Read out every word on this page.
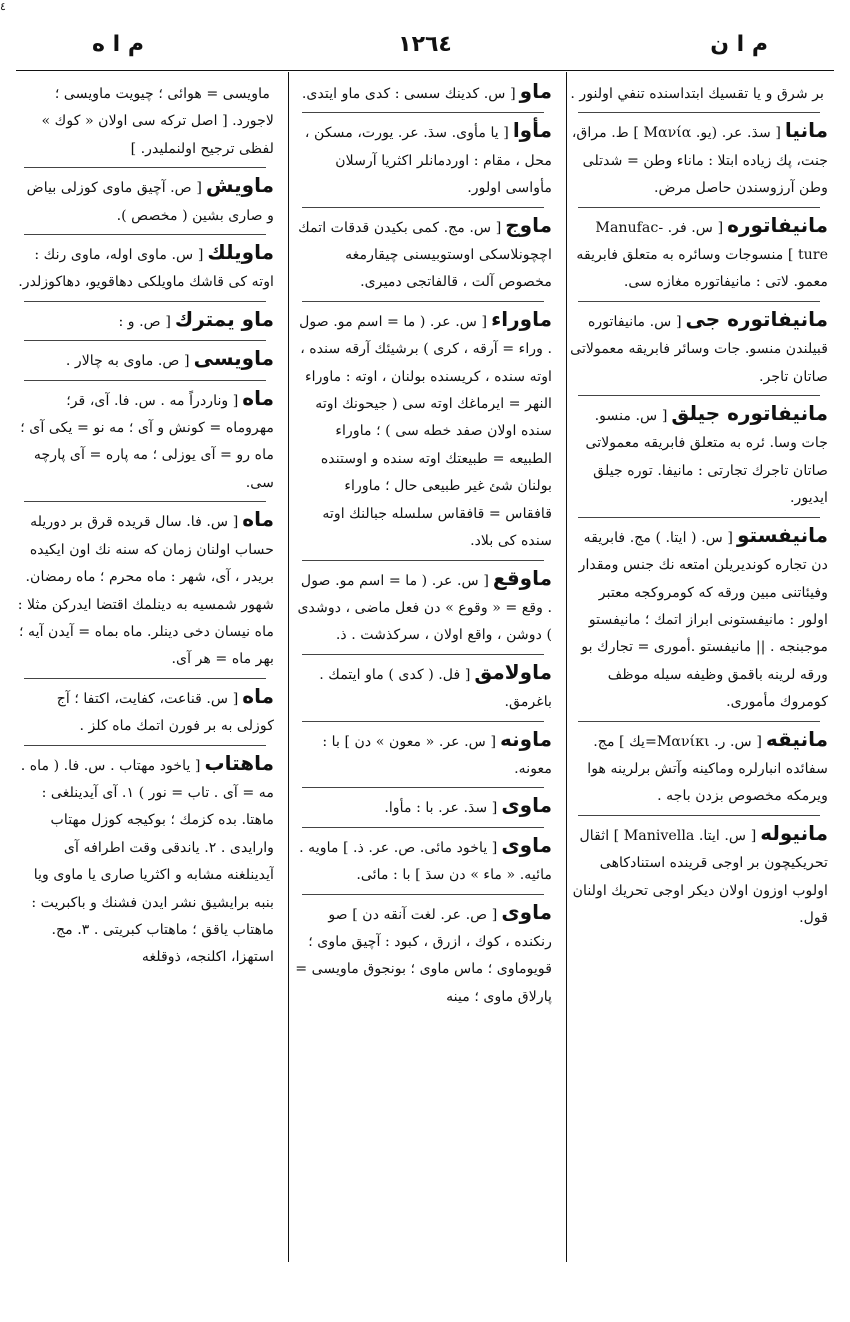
٤
م ا ه	١٢٦٤	م ا ن
بر شرق و يا تقسيك ابتداسنده تنفي اولنور .
مانيا[ سڌ. عر. (يو. Μανία ] ط. مراق، جنت، پك زياده ابتلا : ماناء وطن = شدتلی وطن آرزوسندن حاصل مرض.
مانيفاتوره[ س. فر. Manufac-ture ] منسوجات وسائره به متعلق فابريقه معمو. لاتی : مانيفاتوره مغازه سی.
مانيفاتوره جی[ س. مانيفاتوره قبيلندن منسو. جات وسائر فابريقه معمولاتی صاتان تاجر.
مانيفاتوره جيلق[ س. منسو. جات وسا. ئره به متعلق فابريقه معمولاتی صاتان تاجرك تجارتی : مانيفا. توره جيلق ايديور.
مانيفستو[ س. ( ايتا. ) مج. فابريقه دن تجاره كونديريلن امتعه نك جنس ومقدار وفيئاتنی مبين ورقه كه كومروكجه معتبر اولور : مانيفستونی ابراز اتمك ؛ مانيفستو موجبنجه . || مانيفستو .أموری = تجارك بو ورقه لرينه باقمق وظيفه سيله موظف كومروك مأموری.
مانيقه[ س. ر. Μανίκι=يك ] مج. سفائده انبارلره وماكينه وآتش برلرينه هوا ويرمكه مخصوص بزدن باجه .
مانيوله[ س. ايتا. Manivella ] اثقال تحريكيچون بر اوجی قرينده استنادكاهی اولوب اوزون اولان ديكر اوجی تحريك اولنان قول.
ماو[ س. كدينك سسی : كدی ماو ايتدی.
مأوا[ يا مأوی. سڌ. عر. يورت، مسكن ، محل ، مقام : اوردمانلر اكثريا آرسلان مأواسی اولور.
ماوج[ س. مج. كمی بكيدن قدقات اتمك اچچونلاسكی اوستوبيسنی چيقارمغه مخصوص آلت ، قالفاتجی دميری.
ماوراء[ س. عر. ( ما = اسم مو. صول . وراء = آرقه ، كری ) برشيئك آرقه سنده ، اوته سنده ، كريسنده بولنان ، اوته : ماوراء النهر = ايرماغك اوته سی ( جيحونك اوته سنده اولان صفد خطه سی ) ؛ ماوراء الطبيعه = طبيعتك اوته سنده و اوستنده بولنان شئ غير طبيعی حال ؛ ماوراء قافقاس = قافقاس سلسله جبالنك اوته سنده كی بلاد.
ماوقع[ س. عر. ( ما = اسم مو. صول . وقع = « وقوع » دن فعل ماضی ، دوشدی ) دوشن ، واقع اولان ، سركذشت . ذ.
ماولامق[ فل. ( كدی ) ماو ايتمك . باغرمق.
ماونه[ س. عر. « معون » دن ] با : معونه.
ماوی[ سڌ. عر. با : مأوا.
ماوی[ ياخود مائی. ص. عر. ذ. ] ماويه . مائيه. « ماء » دن سڌ ] با : مائی.
ماوی[ ص. عر. لغت آنقه دن ] صو رنكنده ، كوك ، ازرق ، كبود : آچيق ماوی ؛ قويوماوی ؛ ماس ماوی ؛ بونجوق ماويسی = پارلاق ماوی ؛ مينه
ماويسی = هوائی ؛ چيويت ماويسی ؛ لاجورد. [ اصل تركه سی اولان « كوك » لفظی ترجيح اولنمليدر. ]
ماويش[ ص. آچيق ماوی كوزلی بياض و صاری بشين ( مخصص ).
ماويلك[ س. ماوی اوله، ماوی رنك : اوته كی قاشك ماويلكی دهاقويو، دهاكوزلدر.
ماو يمترك[ ص. و :
ماويسی[ ص. ماوی به چالار .
ماه[ وناردراً مه . س. فا. آی، قر؛ مهروماه = كونش و آی ؛ مه نو = يكی آی ؛ ماه رو = آی يوزلی ؛ مه پاره = آی پارچه سی.
ماه[ س. فا. سال قريده قرق بر دوريله حساب اولنان زمان كه سنه نك اون ايكيده بريدر ، آی، شهر : ماه محرم ؛ ماه رمضان. شهور شمسيه به دينلمك اقتضا ايدركن مثلا : ماه نيسان دخی دينلر. ماه بماه = آيدن آيه ؛ بهر ماه = هر آی.
ماه[ س. قناعت، كفايت، اكتفا ؛ آج كوزلی به بر فورن اتمك ماه كلز .
ماهتاب[ ياخود مهتاب . س. فا. ( ماه . مه = آی . تاب = نور ) ١. آی آيدينلغی : ماهتا. بده كزمك ؛ بوكيجه كوزل مهتاب وارايدی . ٢. ياندقی وقت اطرافه آی آيدينلغنه مشابه و اكثريا صاری يا ماوی ويا بنبه برايشيق نشر ايدن فشنك و باكبريت : ماهتاب ياقق ؛ ماهتاب كبريتی . ٣. مج. استهزا، اكلنجه، ذوقلغه
